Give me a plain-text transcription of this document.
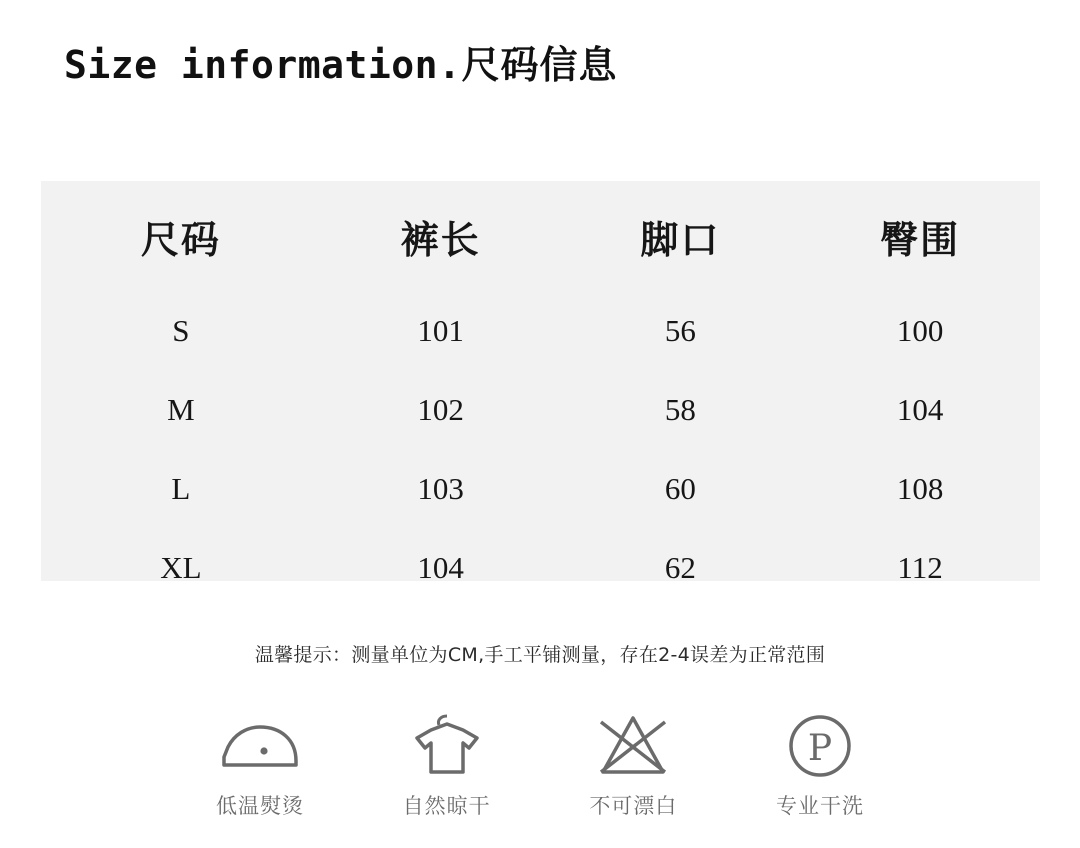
Size information.尺码信息
尺码	裤长	脚口	臀围
S	101	56	100
M	102	58	104
L	103	60	108
XL	104	62	112
温馨提示：测量单位为CM,手工平铺测量，存在2-4误差为正常范围
低温熨烫	自然晾干	不可漂白
P
专业干洗
